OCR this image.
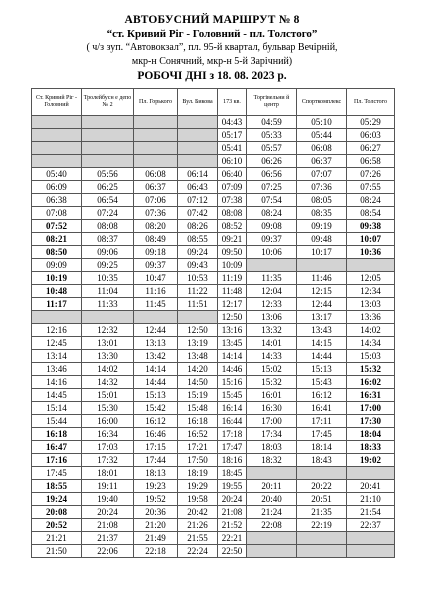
АВТОБУСНИЙ МАРШРУТ № 8
“ст. Кривий Ріг - Головний - пл. Толстого”
( ч/з зуп. “Автовокзал”, пл. 95-й квартал, бульвар Вечірній,
мкр-н Сонячний, мкр-н 5-й Зарічний)
РОБОЧІ ДНІ з 18. 08. 2023 р.
Ст. Кривий Ріг - Головний	Тролейбусн е депо № 2	Пл. Горького	Вул. Бикова	173 кв.	Торгівельни й центр	Спорткомплекс	Пл. Толстого
				04:43	04:59	05:10	05:29
				05:17	05:33	05:44	06:03
				05:41	05:57	06:08	06:27
				06:10	06:26	06:37	06:58
05:40	05:56	06:08	06:14	06:40	06:56	07:07	07:26
06:09	06:25	06:37	06:43	07:09	07:25	07:36	07:55
06:38	06:54	07:06	07:12	07:38	07:54	08:05	08:24
07:08	07:24	07:36	07:42	08:08	08:24	08:35	08:54
07:52	08:08	08:20	08:26	08:52	09:08	09:19	09:38
08:21	08:37	08:49	08:55	09:21	09:37	09:48	10:07
08:50	09:06	09:18	09:24	09:50	10:06	10:17	10:36
09:09	09:25	09:37	09:43	10:09			
10:19	10:35	10:47	10:53	11:19	11:35	11:46	12:05
10:48	11:04	11:16	11:22	11:48	12:04	12:15	12:34
11:17	11:33	11:45	11:51	12:17	12:33	12:44	13:03
				12:50	13:06	13:17	13:36
12:16	12:32	12:44	12:50	13:16	13:32	13:43	14:02
12:45	13:01	13:13	13:19	13:45	14:01	14:15	14:34
13:14	13:30	13:42	13:48	14:14	14:33	14:44	15:03
13:46	14:02	14:14	14:20	14:46	15:02	15:13	15:32
14:16	14:32	14:44	14:50	15:16	15:32	15:43	16:02
14:45	15:01	15:13	15:19	15:45	16:01	16:12	16:31
15:14	15:30	15:42	15:48	16:14	16:30	16:41	17:00
15:44	16:00	16:12	16:18	16:44	17:00	17:11	17:30
16:18	16:34	16:46	16:52	17:18	17:34	17:45	18:04
16:47	17:03	17:15	17:21	17:47	18:03	18:14	18:33
17:16	17:32	17:44	17:50	18:16	18:32	18:43	19:02
17:45	18:01	18:13	18:19	18:45			
18:55	19:11	19:23	19:29	19:55	20:11	20:22	20:41
19:24	19:40	19:52	19:58	20:24	20:40	20:51	21:10
20:08	20:24	20:36	20:42	21:08	21:24	21:35	21:54
20:52	21:08	21:20	21:26	21:52	22:08	22:19	22:37
21:21	21:37	21:49	21:55	22:21			
21:50	22:06	22:18	22:24	22:50			
